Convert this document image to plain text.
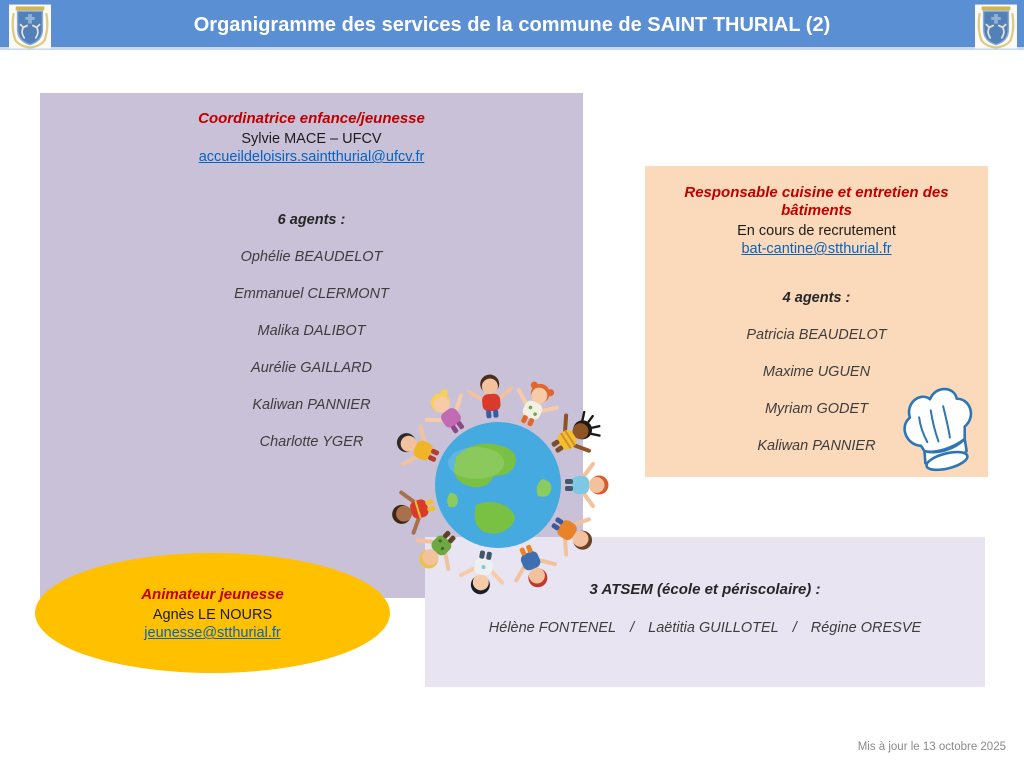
Organigramme des services de la commune de SAINT THURIAL (2)
Coordinatrice enfance/jeunesse
Sylvie MACE – UFCV
accueildeloisirs.saintthurial@ufcv.fr
6 agents :
Ophélie BEAUDELOT
Emmanuel CLERMONT
Malika DALIBOT
Aurélie GAILLARD
Kaliwan PANNIER
Charlotte YGER
Responsable cuisine et entretien des bâtiments
En cours de recrutement
bat-cantine@stthurial.fr
4 agents :
Patricia BEAUDELOT
Maxime UGUEN
Myriam GODET
Kaliwan PANNIER
3 ATSEM (école et périscolaire) :
Hélène FONTENEL / Laëtitia GUILLOTEL / Régine ORESVE
Animateur jeunesse
Agnès LE NOURS
jeunesse@stthurial.fr
Mis à jour le 13 octobre 2025
